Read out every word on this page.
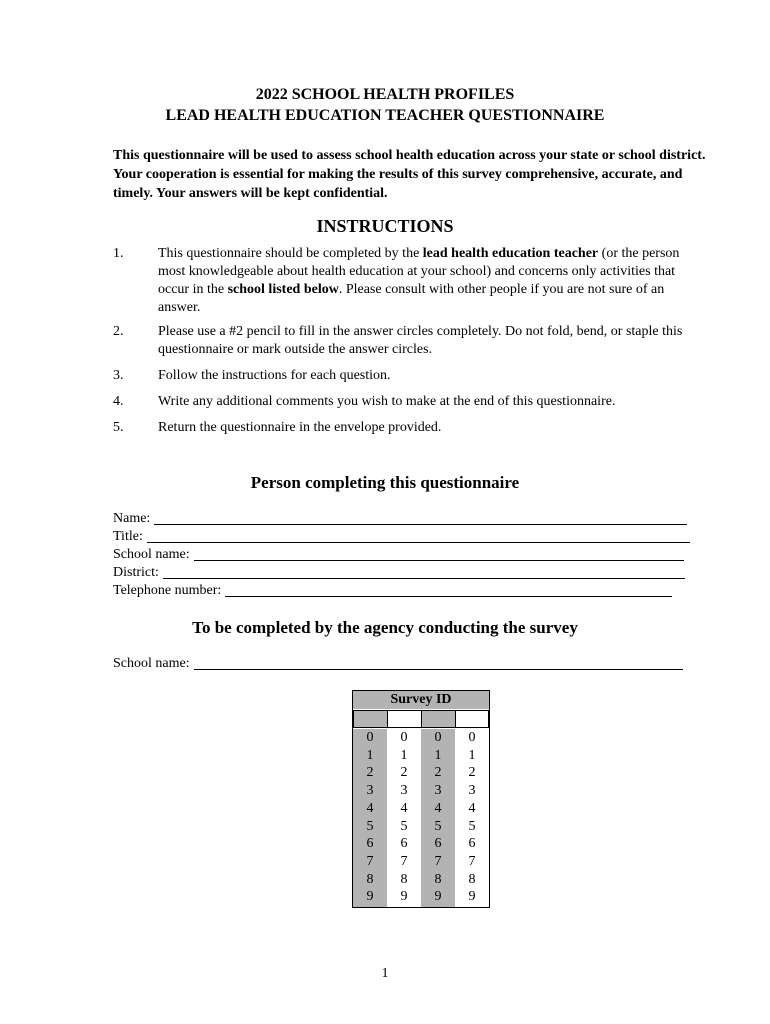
2022 SCHOOL HEALTH PROFILES
LEAD HEALTH EDUCATION TEACHER QUESTIONNAIRE
This questionnaire will be used to assess school health education across your state or school district. Your cooperation is essential for making the results of this survey comprehensive, accurate, and timely. Your answers will be kept confidential.
INSTRUCTIONS
1. This questionnaire should be completed by the lead health education teacher (or the person most knowledgeable about health education at your school) and concerns only activities that occur in the school listed below. Please consult with other people if you are not sure of an answer.
2. Please use a #2 pencil to fill in the answer circles completely. Do not fold, bend, or staple this questionnaire or mark outside the answer circles.
3. Follow the instructions for each question.
4. Write any additional comments you wish to make at the end of this questionnaire.
5. Return the questionnaire in the envelope provided.
Person completing this questionnaire
Name:
Title:
School name:
District:
Telephone number:
To be completed by the agency conducting the survey
School name:
Survey ID
0
1
2
3
4
5
6
7
8
9
0
1
2
3
4
5
6
7
8
9
0
1
2
3
4
5
6
7
8
9
0
1
2
3
4
5
6
7
8
9
1
